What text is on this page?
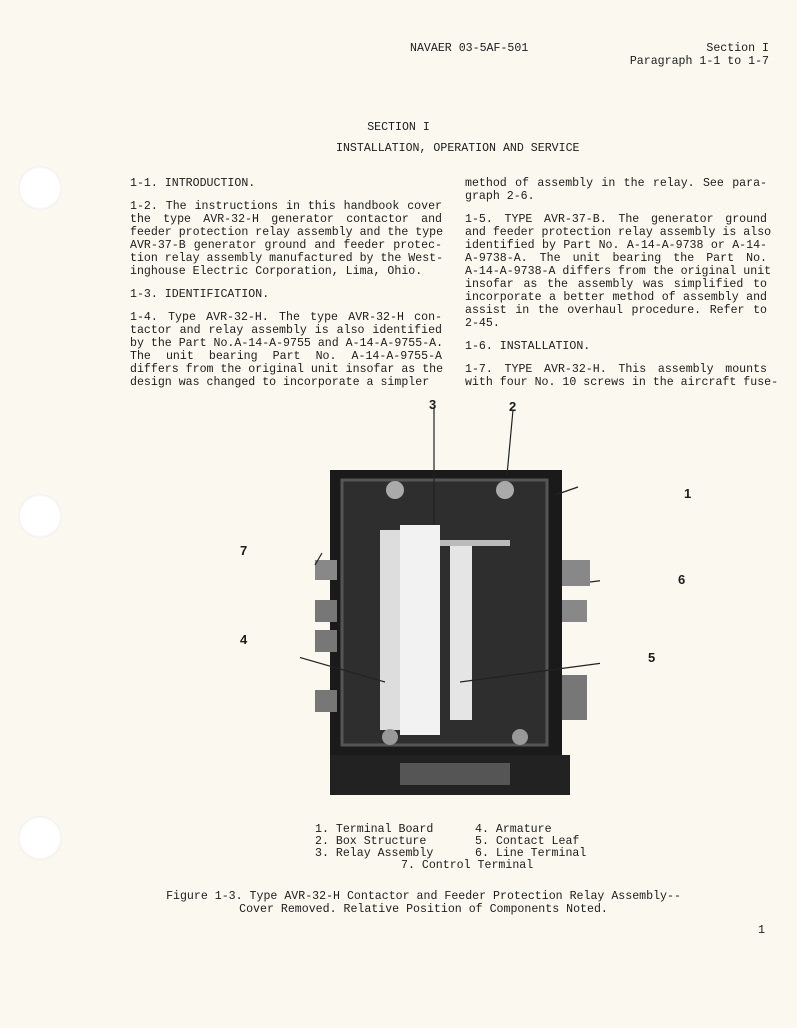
NAVAER 03-5AF-501	Section I
Paragraph 1-1 to 1-7
SECTION I
INSTALLATION, OPERATION AND SERVICE
1-1. INTRODUCTION.
1-2. The instructions in this handbook cover
the type AVR-32-H generator contactor and
feeder protection relay assembly and the type
AVR-37-B generator ground and feeder protec-
tion relay assembly manufactured by the West-
inghouse Electric Corporation, Lima, Ohio.
1-3. IDENTIFICATION.
1-4. Type AVR-32-H. The type AVR-32-H con-
tactor and relay assembly is also identified
by the Part No.A-14-A-9755 and A-14-A-9755-A.
The unit bearing Part No. A-14-A-9755-A
differs from the original unit insofar as the
design was changed to incorporate a simpler
method of assembly in the relay. See para-
graph 2-6.
1-5. TYPE AVR-37-B. The generator ground
and feeder protection relay assembly is also
identified by Part No. A-14-A-9738 or A-14-
A-9738-A. The unit bearing the Part No.
A-14-A-9738-A differs from the original unit
insofar as the assembly was simplified to
incorporate a better method of assembly and
assist in the overhaul procedure. Refer to
2-45.
1-6. INSTALLATION.
1-7. TYPE AVR-32-H. This assembly mounts
with four No. 10 screws in the aircraft fuse-
3	2
1
7
6
4
5
1. Terminal Board	4. Armature
2. Box Structure	5. Contact Leaf
3. Relay Assembly	6. Line Terminal
7. Control Terminal
Figure 1-3. Type AVR-32-H Contactor and Feeder Protection Relay Assembly--
Cover Removed. Relative Position of Components Noted.
1
